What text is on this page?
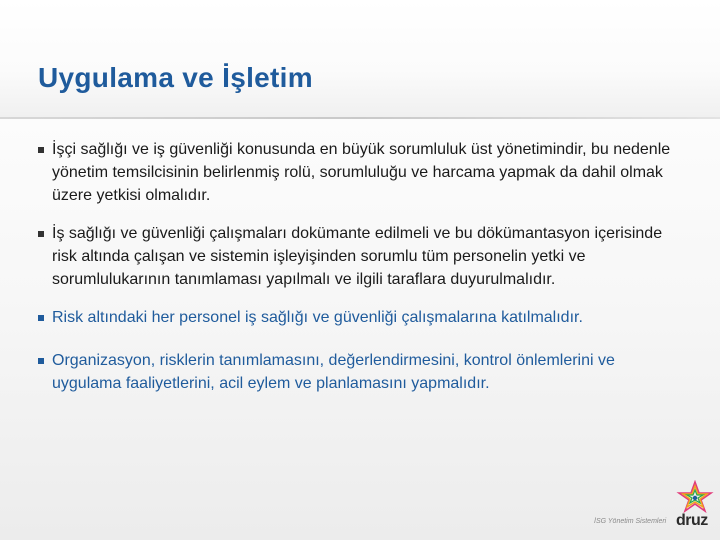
Uygulama ve İşletim
İşçi sağlığı ve iş güvenliği konusunda en büyük sorumluluk üst yönetimindir, bu nedenle yönetim temsilcisinin belirlenmiş rolü, sorumluluğu ve harcama yapmak da dahil olmak üzere yetkisi olmalıdır.
İş sağlığı ve güvenliği çalışmaları dokümante edilmeli ve bu dökümantasyon içerisinde risk altında çalışan ve sistemin işleyişinden sorumlu tüm personelin yetki ve sorumlulukarının tanımlaması yapılmalı ve ilgili taraflara duyurulmalıdır.
Risk altındaki her personel iş sağlığı ve güvenliği çalışmalarına katılmalıdır.
Organizasyon, risklerin tanımlamasını, değerlendirmesini, kontrol önlemlerini ve uygulama faaliyetlerini, acil eylem ve planlamasını yapmalıdır.
İSG Yönetim Sistemleri druz
